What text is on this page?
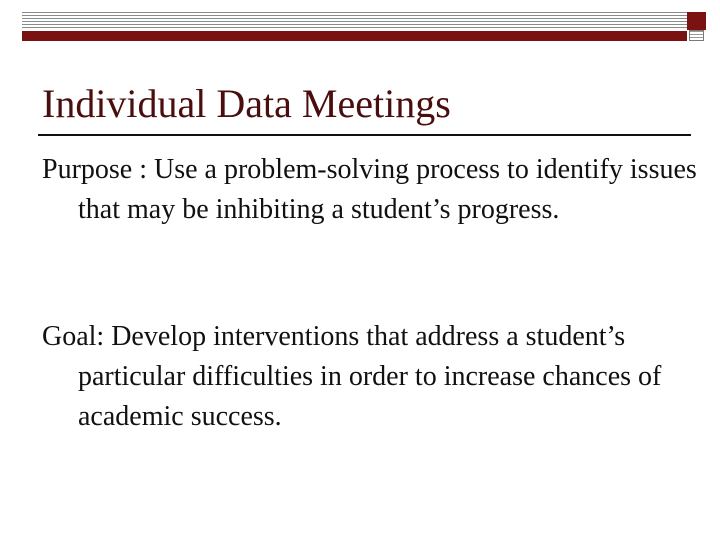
Individual Data Meetings

Purpose : Use a problem-solving process to identify issues that may be inhibiting a student’s progress.

Goal: Develop interventions that address a student’s particular difficulties in order to increase chances of academic success.
